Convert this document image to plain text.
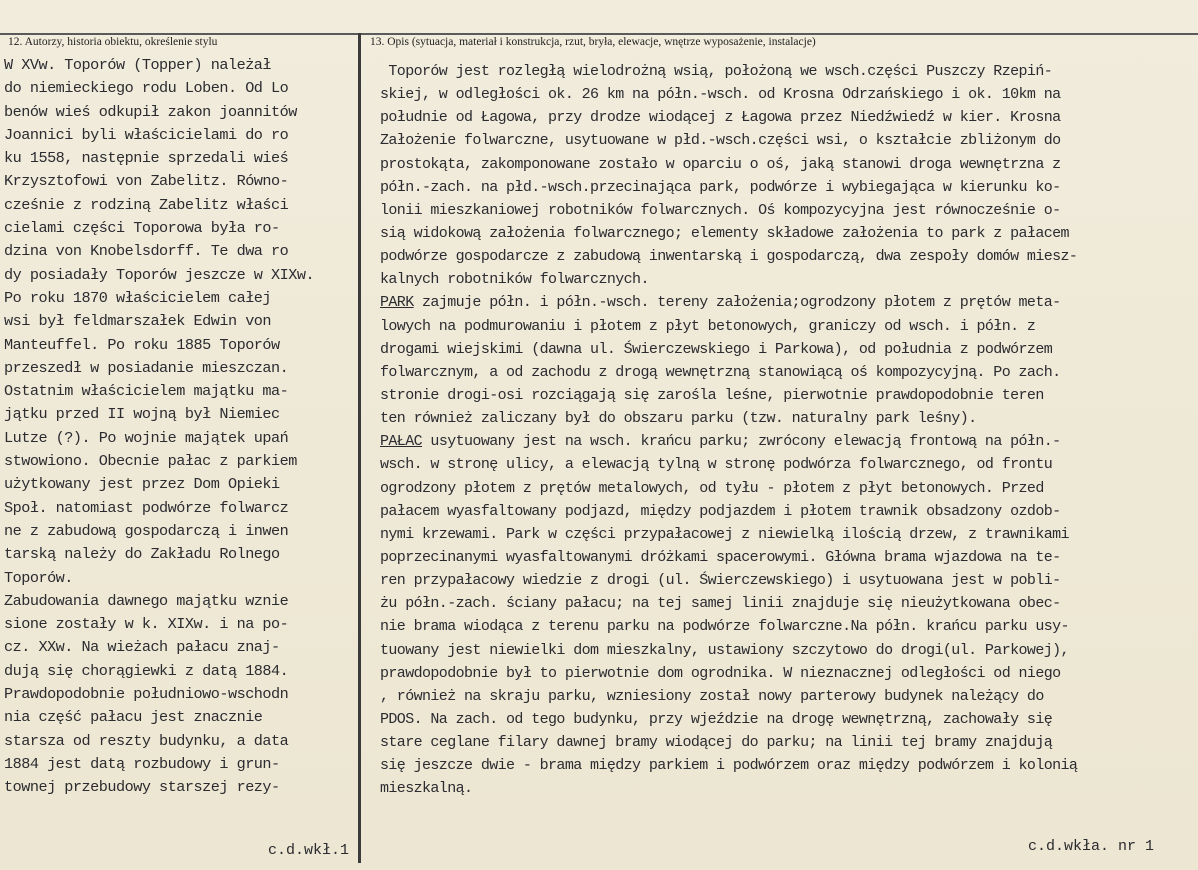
12. Autorzy, historia obiektu, określenie stylu	13. Opis (sytuacja, materiał i konstrukcja, rzut, bryła, elewacje, wnętrze wyposażenie, instalacje)
W XVw. Toporów (Topper) należał
do niemieckiego rodu Loben. Od Lo
benów wieś odkupił zakon joannitów
Joannici byli właścicielami do ro
ku 1558, następnie sprzedali wieś
Krzysztofowi von Zabelitz. Równo-
cześnie z rodziną Zabelitz właści
cielami części Toporowa była ro-
dzina von Knobelsdorff. Te dwa ro
dy posiadały Toporów jeszcze w XIXw.
Po roku 1870 właścicielem całej
wsi był feldmarszałek Edwin von
Manteuffel. Po roku 1885 Toporów
przeszedł w posiadanie mieszczan.
Ostatnim właścicielem majątku ma-
jątku przed II wojną był Niemiec
Lutze (?). Po wojnie majątek upań
stwowiono. Obecnie pałac z parkiem
użytkowany jest przez Dom Opieki
Społ. natomiast podwórze folwarcz
ne z zabudową gospodarczą i inwen
tarską należy do Zakładu Rolnego
Toporów.
Zabudowania dawnego majątku wznie
sione zostały w k. XIXw. i na po-
cz. XXw. Na wieżach pałacu znaj-
dują się chorągiewki z datą 1884.
Prawdopodobnie południowo-wschodn
nia część pałacu jest znacznie
starsza od reszty budynku, a data
1884 jest datą rozbudowy i grun-
townej przebudowy starszej rezy-
c.d.wkł.1
Toporów jest rozległą wielodrożną wsią, położoną we wsch.części Puszczy Rzepiń-
skiej, w odległości ok. 26 km na półn.-wsch. od Krosna Odrzańskiego i ok. 10km na
południe od Łagowa, przy drodze wiodącej z Łagowa przez Niedźwiedź w kier. Krosna
Założenie folwarczne, usytuowane w płd.-wsch.części wsi, o kształcie zbliżonym do
prostokąta, zakomponowane zostało w oparciu o oś, jaką stanowi droga wewnętrzna z
półn.-zach. na płd.-wsch.przecinająca park, podwórze i wybiegająca w kierunku ko-
lonii mieszkaniowej robotników folwarcznych. Oś kompozycyjna jest równocześnie o-
sią widokową założenia folwarcznego; elementy składowe założenia to park z pałacem
podwórze gospodarcze z zabudową inwentarską i gospodarczą, dwa zespoły domów miesz-
kalnych robotników folwarcznych.
PARK zajmuje półn. i półn.-wsch. tereny założenia;ogrodzony płotem z prętów meta-
lowych na podmurowaniu i płotem z płyt betonowych, graniczy od wsch. i półn. z
drogami wiejskimi (dawna ul. Świerczewskiego i Parkowa), od południa z podwórzem
folwarcznym, a od zachodu z drogą wewnętrzną stanowiącą oś kompozycyjną. Po zach.
stronie drogi-osi rozciągają się zarośla leśne, pierwotnie prawdopodobnie teren
ten również zaliczany był do obszaru parku (tzw. naturalny park leśny).
PAŁAC usytuowany jest na wsch. krańcu parku; zwrócony elewacją frontową na półn.-
wsch. w stronę ulicy, a elewacją tylną w stronę podwórza folwarcznego, od frontu
ogrodzony płotem z prętów metalowych, od tyłu - płotem z płyt betonowych. Przed
pałacem wyasfaltowany podjazd, między podjazdem i płotem trawnik obsadzony ozdob-
nymi krzewami. Park w części przypałacowej z niewielką ilością drzew, z trawnikami
poprzecinanymi wyasfaltowanymi dróżkami spacerowymi. Główna brama wjazdowa na te-
ren przypałacowy wiedzie z drogi (ul. Świerczewskiego) i usytuowana jest w pobli-
żu półn.-zach. ściany pałacu; na tej samej linii znajduje się nieużytkowana obec-
nie brama wiodąca z terenu parku na podwórze folwarczne.Na półn. krańcu parku usy-
tuowany jest niewielki dom mieszkalny, ustawiony szczytowo do drogi(ul. Parkowej),
prawdopodobnie był to pierwotnie dom ogrodnika. W nieznacznej odległości od niego
, również na skraju parku, wzniesiony został nowy parterowy budynek należący do
PDOS. Na zach. od tego budynku, przy wjeździe na drogę wewnętrzną, zachowały się
stare ceglane filary dawnej bramy wiodącej do parku; na linii tej bramy znajdują
się jeszcze dwie - brama między parkiem i podwórzem oraz między podwórzem i kolonią
mieszkalną.
c.d.wkła. nr 1
